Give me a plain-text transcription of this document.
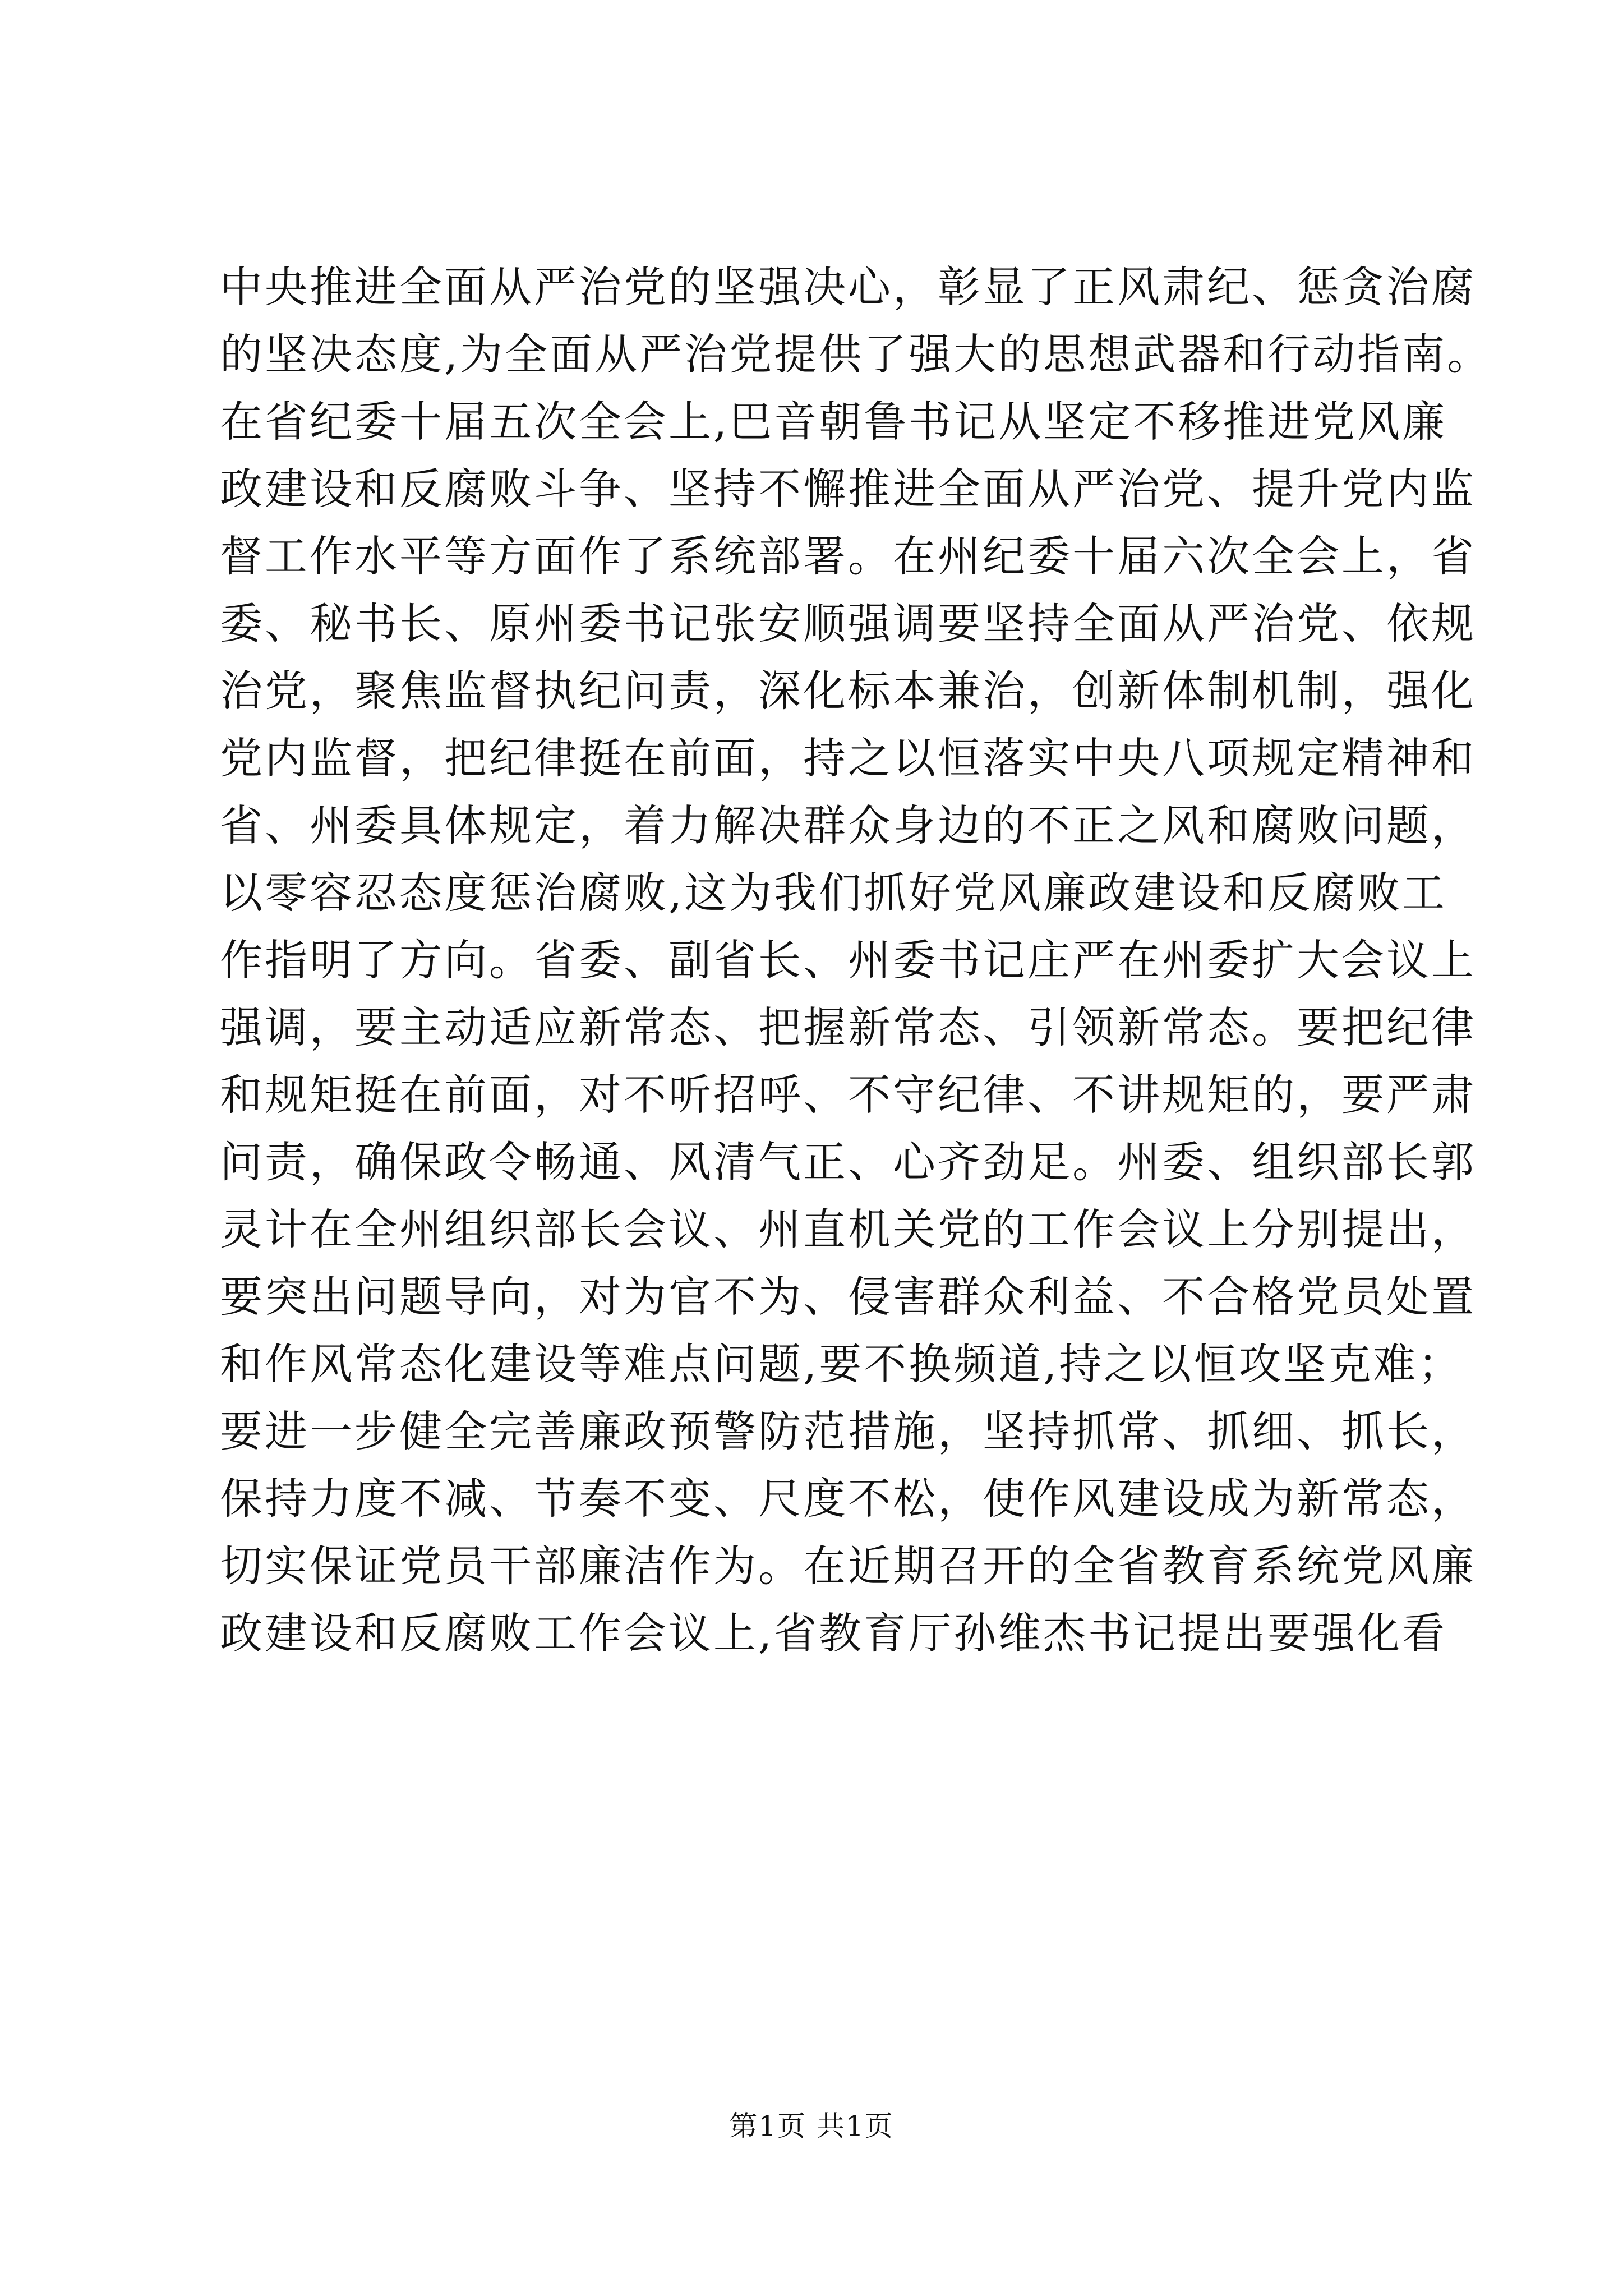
中央推进全面从严治党的坚强决心，彰显了正风肃纪、惩贪治腐
的坚决态度,为全面从严治党提供了强大的思想武器和行动指南。
在省纪委十届五次全会上,巴音朝鲁书记从坚定不移推进党风廉
政建设和反腐败斗争、坚持不懈推进全面从严治党、提升党内监
督工作水平等方面作了系统部署。在州纪委十届六次全会上，省
委、秘书长、原州委书记张安顺强调要坚持全面从严治党、依规
治党，聚焦监督执纪问责，深化标本兼治，创新体制机制，强化
党内监督，把纪律挺在前面，持之以恒落实中央八项规定精神和
省、州委具体规定，着力解决群众身边的不正之风和腐败问题，
以零容忍态度惩治腐败,这为我们抓好党风廉政建设和反腐败工
作指明了方向。省委、副省长、州委书记庄严在州委扩大会议上
强调，要主动适应新常态、把握新常态、引领新常态。要把纪律
和规矩挺在前面，对不听招呼、不守纪律、不讲规矩的，要严肃
问责，确保政令畅通、风清气正、心齐劲足。州委、组织部长郭
灵计在全州组织部长会议、州直机关党的工作会议上分别提出，
要突出问题导向，对为官不为、侵害群众利益、不合格党员处置
和作风常态化建设等难点问题,要不换频道,持之以恒攻坚克难；
要进一步健全完善廉政预警防范措施，坚持抓常、抓细、抓长，
保持力度不减、节奏不变、尺度不松，使作风建设成为新常态，
切实保证党员干部廉洁作为。在近期召开的全省教育系统党风廉
政建设和反腐败工作会议上,省教育厅孙维杰书记提出要强化看
第1页 共1页
